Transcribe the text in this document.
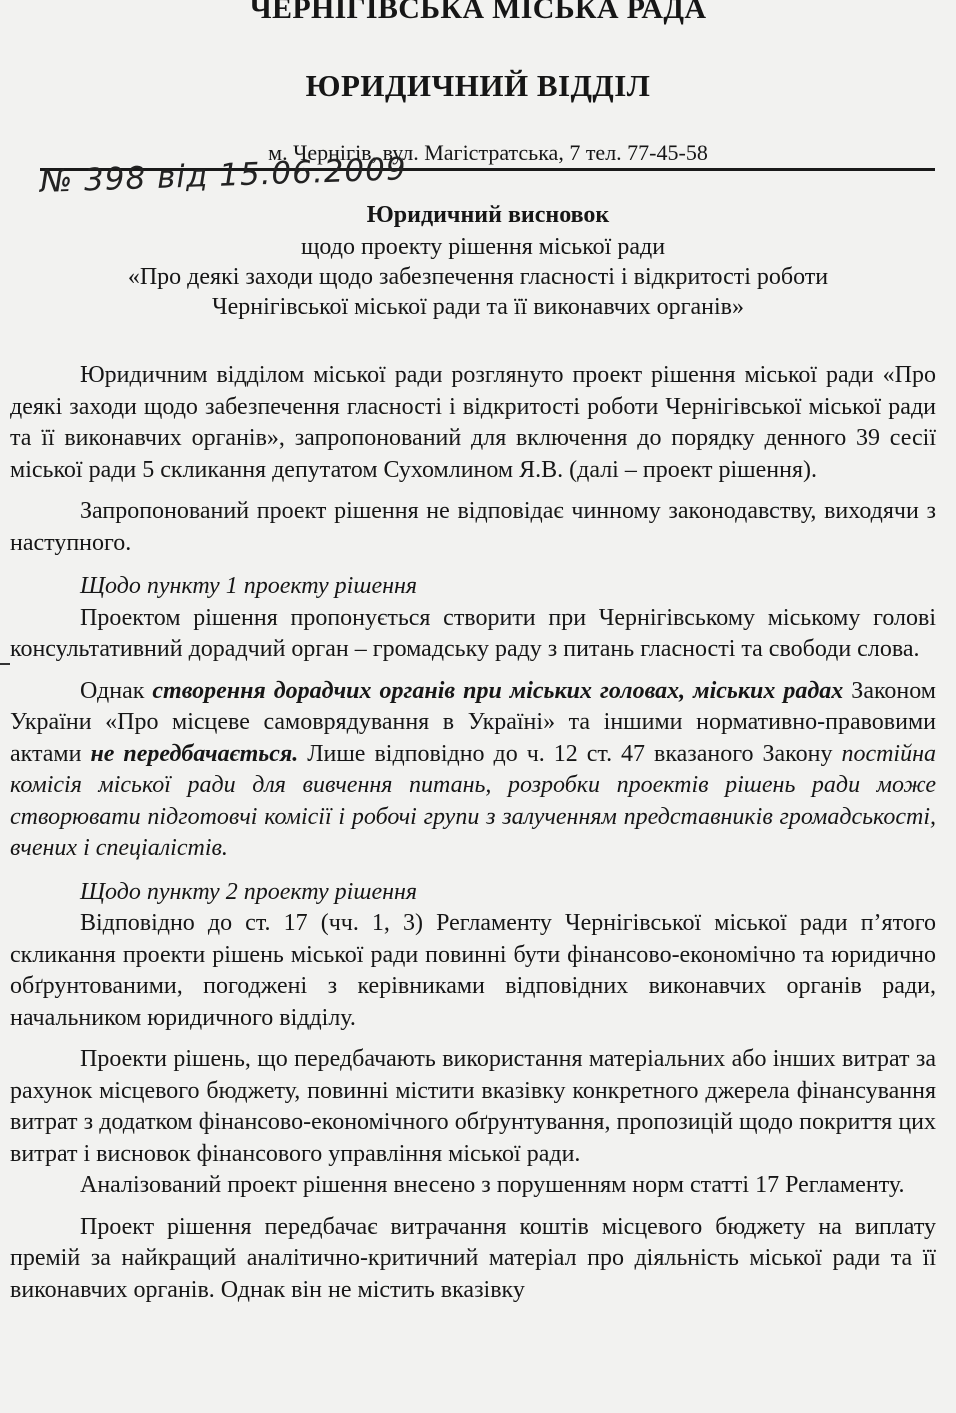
ЧЕРНІГІВСЬКА МІСЬКА РАДА
ЮРИДИЧНИЙ ВІДДІЛ
м. Чернігів, вул. Магістратська, 7 тел. 77-45-58
№ 398 від 15.06.2009
Юридичний висновок
щодо проекту рішення міської ради
«Про деякі заходи щодо забезпечення гласності і відкритості роботи
Чернігівської міської ради та її виконавчих органів»

Юридичним відділом міської ради розглянуто проект рішення міської ради «Про деякі заходи щодо забезпечення гласності і відкритості роботи Чернігівської міської ради та її виконавчих органів», запропонований для включення до порядку денного 39 сесії міської ради 5 скликання депутатом Сухомлином Я.В. (далі – проект рішення).

Запропонований проект рішення не відповідає чинному законодавству, виходячи з наступного.

Щодо пункту 1 проекту рішення

Проектом рішення пропонується створити при Чернігівському міському голові консультативний дорадчий орган – громадську раду з питань гласності та свободи слова.

Однак створення дорадчих органів при міських головах, міських радах Законом України «Про місцеве самоврядування в Україні» та іншими нормативно-правовими актами не передбачається. Лише відповідно до ч. 12 ст. 47 вказаного Закону постійна комісія міської ради для вивчення питань, розробки проектів рішень ради може створювати підготовчі комісії і робочі групи з залученням представників громадськості, вчених і спеціалістів.

Щодо пункту 2 проекту рішення

Відповідно до ст. 17 (чч. 1, 3) Регламенту Чернігівської міської ради п’ятого скликання проекти рішень міської ради повинні бути фінансово-економічно та юридично обґрунтованими, погоджені з керівниками відповідних виконавчих органів ради, начальником юридичного відділу.

Проекти рішень, що передбачають використання матеріальних або інших витрат за рахунок місцевого бюджету, повинні містити вказівку конкретного джерела фінансування витрат з додатком фінансово-економічного обґрунтування, пропозицій щодо покриття цих витрат і висновок фінансового управління міської ради.

Аналізований проект рішення внесено з порушенням норм статті 17 Регламенту.

Проект рішення передбачає витрачання коштів місцевого бюджету на виплату премій за найкращий аналітично-критичний матеріал про діяльність міської ради та її виконавчих органів. Однак він не містить вказівку
